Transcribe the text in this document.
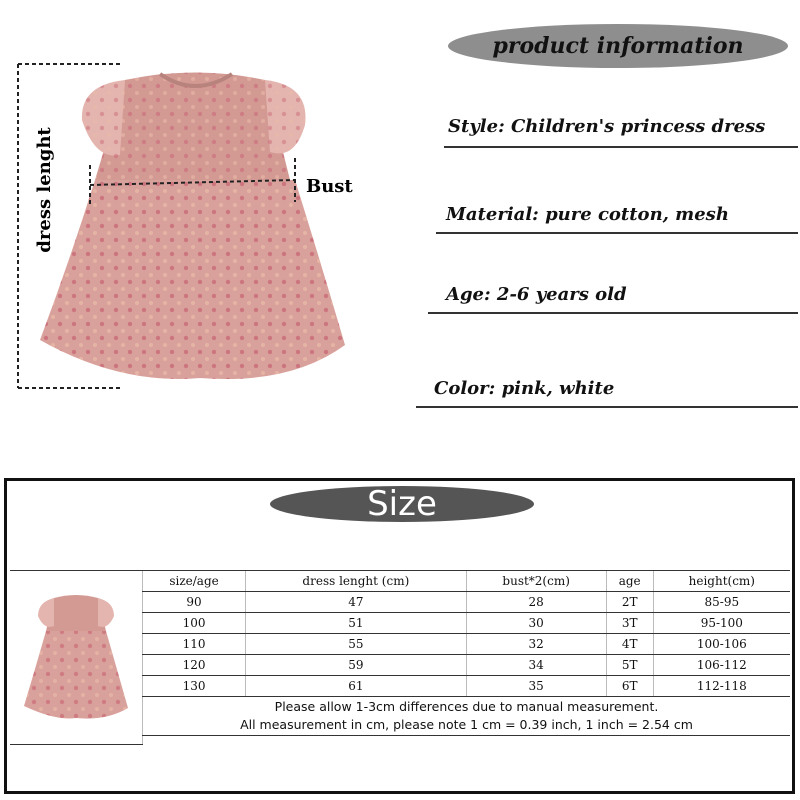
dress lenght	Bust
product information
Style: Children's princess dress
Material: pure cotton, mesh
Age: 2-6 years old
Color: pink, white
Size
	size/age	dress lenght (cm)	bust*2(cm)	age	height(cm)
	90	47	28	2T	85-95
	100	51	30	3T	95-100
	110	55	32	4T	100-106
	120	59	34	5T	106-112
	130	61	35	6T	112-118

	Please allow 1-3cm differences due to manual measurement.
All measurement in cm, please note 1 cm = 0.39 inch, 1 inch = 2.54 cm				
